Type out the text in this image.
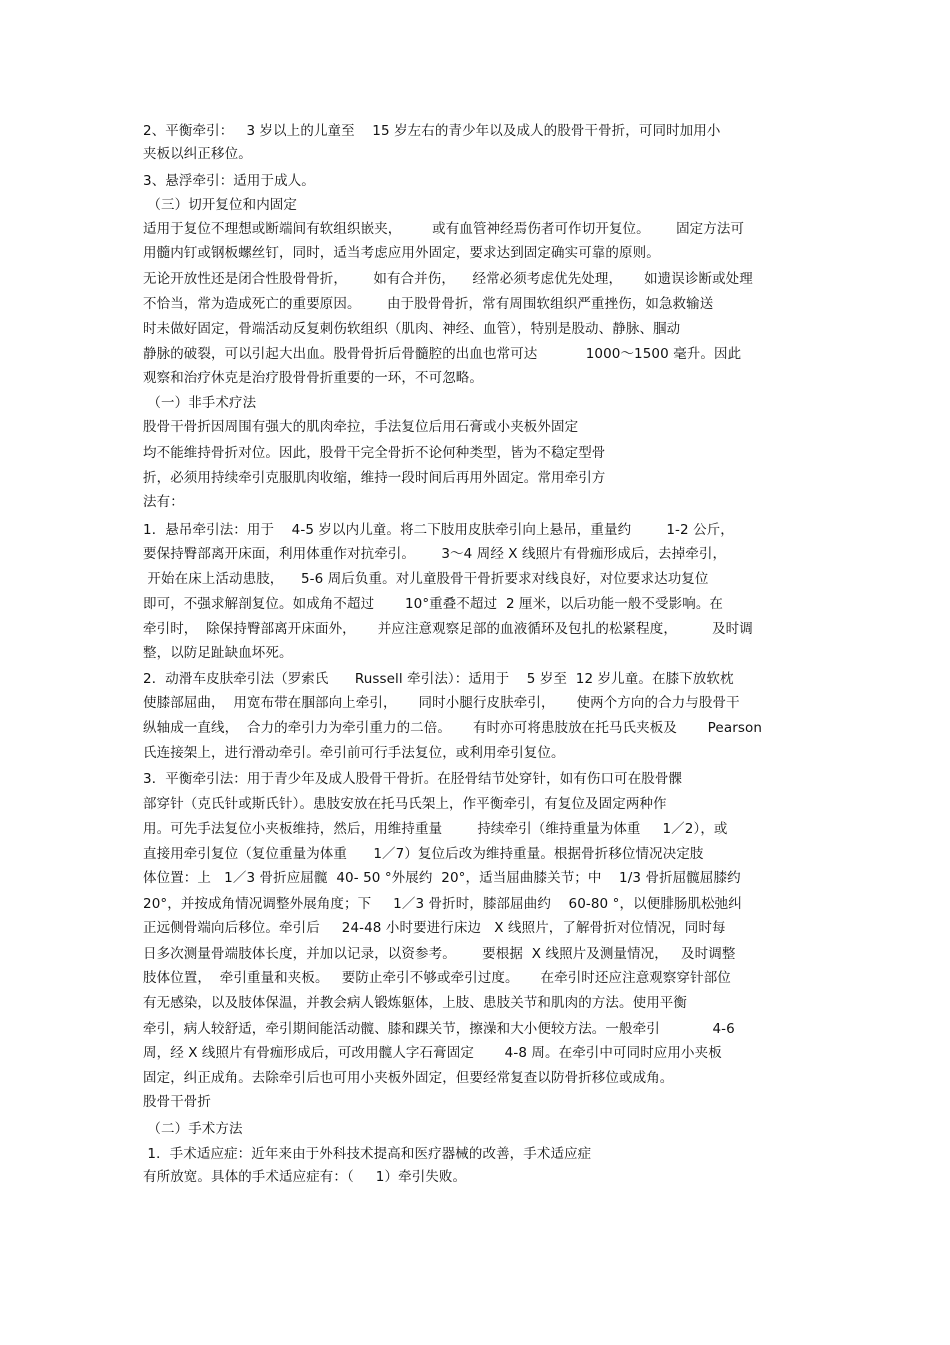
2、平衡牵引：   3 岁以上的儿童至    15 岁左右的青少年以及成人的股骨干骨折，可同时加用小
夹板以纠正移位。
3、悬浮牵引：适用于成人。
（三）切开复位和内固定
适用于复位不理想或断端间有软组织嵌夹，       或有血管神经焉伤者可作切开复位。      固定方法可
用髓内钉或钢板螺丝钉，同时，适当考虑应用外固定，要求达到固定确实可靠的原则。
无论开放性还是闭合性股骨骨折，      如有合并伤，    经常必须考虑优先处理，     如遗误诊断或处理
不恰当，常为造成死亡的重要原因。      由于股骨骨折，常有周围软组织严重挫伤，如急救输送
时未做好固定，骨端活动反复刺伤软组织（肌肉、神经、血管），特别是股动、静脉、腘动
静脉的破裂，可以引起大出血。股骨骨折后骨髓腔的出血也常可达           1000～1500 毫升。因此
观察和治疗休克是治疗股骨骨折重要的一环，不可忽略。
（一）非手术疗法
股骨干骨折因周围有强大的肌肉牵拉，手法复位后用石膏或小夹板外固定
均不能维持骨折对位。因此，股骨干完全骨折不论何种类型，皆为不稳定型骨
折，必须用持续牵引克服肌肉收缩，维持一段时间后再用外固定。常用牵引方
法有：
1．悬吊牵引法：用于    4-5 岁以内儿童。将二下肢用皮肤牵引向上悬吊，重量约        1-2 公斤，
要保持臀部离开床面，利用体重作对抗牵引。      3～4 周经 X 线照片有骨痂形成后，去掉牵引，
开始在床上活动患肢，    5-6 周后负重。对儿童股骨干骨折要求对线良好，对位要求达功复位
即可，不强求解剖复位。如成角不超过       10°重叠不超过  2 厘米，以后功能一般不受影响。在
牵引时，  除保持臀部离开床面外，     并应注意观察足部的血液循环及包扎的松紧程度，        及时调
整，以防足趾缺血坏死。
2．动滑车皮肤牵引法（罗索氏      Russell 牵引法）：适用于    5 岁至  12 岁儿童。在膝下放软枕
使膝部屈曲，  用宽布带在腘部向上牵引，     同时小腿行皮肤牵引，     使两个方向的合力与股骨干
纵轴成一直线，  合力的牵引力为牵引重力的二倍。     有时亦可将患肢放在托马氏夹板及       Pearson
氏连接架上，进行滑动牵引。牵引前可行手法复位，或利用牵引复位。
3．平衡牵引法：用于青少年及成人股骨干骨折。在胫骨结节处穿针，如有伤口可在股骨髁
部穿针（克氏针或斯氏针）。患肢安放在托马氏架上，作平衡牵引，有复位及固定两种作
用。可先手法复位小夹板维持，然后，用维持重量        持续牵引（维持重量为体重     1／2），或
直接用牵引复位（复位重量为体重      1／7）复位后改为维持重量。根据骨折移位情况决定肢
体位置：上   1／3 骨折应屈髋  40- 50 °外展约  20°，适当屈曲膝关节；中    1/3 骨折屈髋屈膝约
20°，并按成角情况调整外展角度；下     1／3 骨折时，膝部屈曲约    60-80 °，以便腓肠肌松弛纠
正远侧骨端向后移位。牵引后     24-48 小时要进行床边   X 线照片，了解骨折对位情况，同时每
日多次测量骨端肢体长度，并加以记录，以资参考。      要根据  X 线照片及测量情况，   及时调整
肢体位置，  牵引重量和夹板。   要防止牵引不够或牵引过度。     在牵引时还应注意观察穿针部位
有无感染，以及肢体保温，并教会病人锻炼躯体，上肢、患肢关节和肌肉的方法。使用平衡
牵引，病人较舒适，牵引期间能活动髋、膝和踝关节，擦澡和大小便较方法。一般牵引            4-6
周，经 X 线照片有骨痂形成后，可改用髋人字石膏固定       4-8 周。在牵引中可同时应用小夹板
固定，纠正成角。去除牵引后也可用小夹板外固定，但要经常复查以防骨折移位或成角。
股骨干骨折
（二）手术方法
1．手术适应症：近年来由于外科技术提高和医疗器械的改善，手术适应症
有所放宽。具体的手术适应症有：（     1）牵引失败。
